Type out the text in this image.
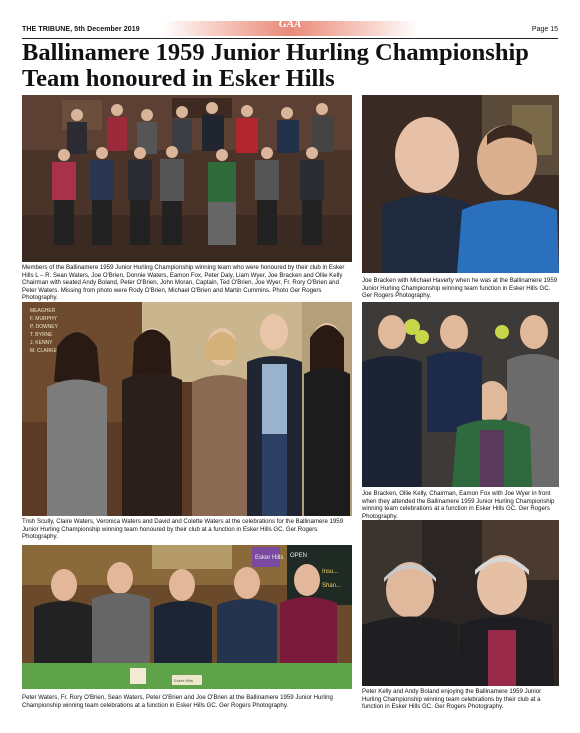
THE TRIBUNE, 5th December 2019	GAA	Page 15
Ballinamere 1959 Junior Hurling Championship Team honoured in Esker Hills
Members of the Ballinamere 1959 Junior Hurling Championship winning team who were honoured by their club in Esker Hills L – R. Sean Waters, Joe O'Brien, Donnie Waters, Eamon Fox, Peter Daly, Liam Wyer, Joe Bracken and Ollie Kelly Chairman with seated Andy Boland, Peter O'Brien, John Moran, Captain, Ted O'Brien, Joe Wyer, Fr. Rory O'Brien and Peter Waters. Missing from photo were Rody O'Brien, Michael O'Brien and Martin Cummins. Photo Ger Rogers Photography.
Joe Bracken with Michael Haverty when he was at the Ballinamere 1959 Junior Hurling Championship winning team function in Esker Hills GC. Ger Rogers Photography.
MEAGHER
F. MURPHY
P. DOWNEY
T. BYRNE
J. KENNY
M. CLARKE
Trish Scully, Claire Waters, Veronica Waters and David and Colette Waters at the celebrations for the Ballinamere 1959 Junior Hurling Championship winning team honoured by their club at a function in Esker Hills GC. Ger Rogers Photography.
Joe Bracken, Ollie Kelly, Chairman, Eamon Fox with Joe Wyer in front when they attended the Ballinamere 1959 Junior Hurling Championship winning team celebrations at a function in Esker Hills GC. Ger Rogers Photography.
Esker Hills OPEN
Insu...
Shan...
Esker Hills
Peter Waters, Fr. Rory O'Brien, Sean Waters, Peter O'Brien and Joe O'Brien at the Ballinamere 1959 Junior Hurling Championship winning team celebrations at a function in Esker Hills GC. Ger Rogers Photography.
Peter Kelly and Andy Boland enjoying the Ballinamere 1959 Junior Hurling Championship winning team celebrations by their club at a function in Esker Hills GC. Ger Rogers Photography.
